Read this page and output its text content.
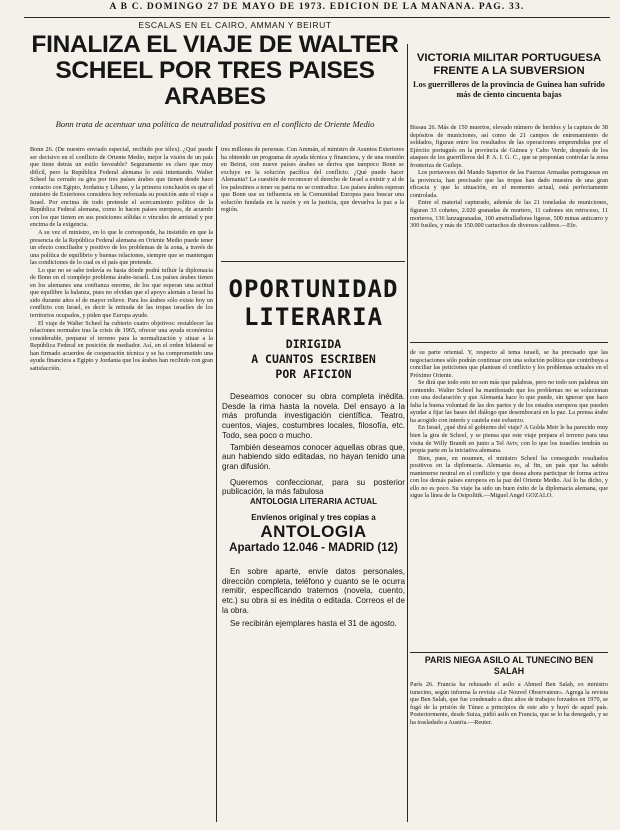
A B C. DOMINGO 27 DE MAYO DE 1973. EDICION DE LA MAÑANA. PAG. 33.
ESCALAS EN EL CAIRO, AMMAN Y BEIRUT
FINALIZA EL VIAJE DE WALTER SCHEEL POR TRES PAISES ARABES

Bonn trata de acentuar una política de neutralidad positiva en el conflicto de Oriente Medio

Bonn 26. (De nuestro enviado especial, recibido por télex). ¿Qué puede ser decisivo en el conflicto de Oriente Medio, mejor la visión de un país que tiene detrás un estilo favorable? Seguramente es claro que muy difícil, pero la República Federal alemana lo está intentando. Walter Scheel ha cerrado su gira por tres países árabes que tienen desde hace contacto con Egipto, Jordania y Líbano, y la primera conclusión es que el ministro de Exteriores considera hoy reforzada su posición ante el viaje a Israel. Por encima de todo pretende el acercamiento político de la República Federal alemana, como lo hacen países europeos, de acuerdo con los que tienen en sus posiciones sólidas o vínculos de amistad y por encima de la exigencia.

A su vez el ministro, en lo que le corresponde, ha insistido en que la presencia de la República Federal alemana en Oriente Medio puede tener un efecto conciliador y positivo de los problemas de la zona, a través de una política de equilibrio y buenas relaciones, siempre que se mantengan las condiciones de lo cual es el país que pretende.

Lo que no se sabe todavía es hasta dónde podrá influir la diplomacia de Bonn en el complejo problema árabe-israelí. Los países árabes tienen en los alemanes una confianza enorme, de los que esperan una actitud que equilibre la balanza, pues no olvidan que el apoyo alemán a Israel ha sido durante años el de mayor relieve. Para los árabes sólo existe hoy un conflicto con Israel, es decir la retirada de las tropas israelíes de los territorios ocupados, y piden que Europa ayude.

El viaje de Walter Scheel ha cubierto cuatro objetivos: restablecer las relaciones normales tras la crisis de 1965, ofrecer una ayuda económica considerable, preparar el terreno para la normalización y situar a la República Federal en posición de mediador. Así, en el orden bilateral se han firmado acuerdos de cooperación técnica y se ha comprometido una ayuda financiera a Egipto y Jordania que los árabes han recibido con gran satisfacción.

tres millones de personas. Con Ammán, el ministro de Asuntos Exteriores ha obtenido un programa de ayuda técnica y financiera, y de una reunión en Beirut, con nueve países árabes se deriva que tampoco Bonn se excluye en la solución pacífica del conflicto. ¿Qué puede hacer Alemania? La cuestión de reconocer el derecho de Israel a existir y al de los palestinos a tener su patria no se contradice. Los países árabes esperan que Bonn use su influencia en la Comunidad Europea para buscar una solución fundada en la razón y en la justicia, que devuelva la paz a la región.

OPORTUNIDAD

LITERARIA

DIRIGIDA

A CUANTOS ESCRIBEN

POR AFICION

Deseamos conocer su obra completa inédita. Desde la rima hasta la novela. Del ensayo a la más profunda investigación científica. Teatro, cuentos, viajes, costumbres locales, filosofía, etc. Todo, sea poco o mucho.

También deseamos conocer aquellas obras que, aun habiendo sido editadas, no hayan tenido una gran difusión.

Queremos confeccionar, para su posterior publicación, la más fabulosa

ANTOLOGIA LITERARIA ACTUAL

Envíenos original y tres copias a

ANTOLOGIA

Apartado 12.046 - MADRID (12)

En sobre aparte, envíe datos personales, dirección completa, teléfono y cuanto se le ocurra remitir, especificando tratemos (novela, cuento, etc.) su obra si es inédita o editada. Correos el de la obra.

Se recibirán ejemplares hasta el 31 de agosto.

VICTORIA MILITAR PORTUGUESA FRENTE A LA SUBVERSION

Los guerrilleros de la provincia de Guinea han sufrido más de ciento cincuenta bajas

Bissau 26. Más de 150 muertos, elevado número de heridos y la captura de 38 depósitos de municiones, así como de 21 campos de entrenamiento de soldados, figuran entre los resultados de las operaciones emprendidas por el Ejército portugués en la provincia de Guinea y Cabo Verde, después de los ataques de los guerrilleros del P. A. I. G. C., que se proponían controlar la zona fronteriza de Guileje.

Los portavoces del Mando Superior de las Fuerzas Armadas portuguesas en la provincia, han precisado que las tropas han dado muestra de una gran eficacia y que la situación, en el momento actual, está perfectamente controlada.

Entre el material capturado, además de las 21 toneladas de municiones, figuran 33 cohetes, 2.020 granadas de mortero, 11 cañones sin retroceso, 11 morteros, 136 lanzagranadas, 100 ametralladoras ligeras, 500 minas anticarro y 300 fusiles, y más de 150.000 cartuchos de diversos calibres.—Efe.

de su parte oriental. Y, respecto al tema israelí, se ha precisado que las negociaciones sólo podrán continuar con una solución política que contribuya a conciliar las peticiones que plantean el conflicto y los problemas actuales en el Próximo Oriente.

Se dirá que todo esto no son más que palabras, pero no todo son palabras sin contenido. Walter Scheel ha manifestado que los problemas no se solucionan con una declaración y que Alemania hace lo que puede, sin ignorar que hace falta la buena voluntad de las dos partes y de los estados europeos que pueden ayudar a fijar las bases del diálogo que desembocará en la paz. La prensa árabe ha acogido con interés y cautela este esfuerzo.

En Israel, ¿qué dirá el gobierno del viaje? A Golda Meir le ha parecido muy bien la gira de Scheel, y se piensa que este viaje prepara el terreno para una visita de Willy Brandt en junio a Tel Aviv, con lo que los israelíes tendrán su propia parte en la iniciativa alemana.

Bien, pues, en resumen, el ministro Scheel ha conseguido resultados positivos en la diplomacia. Alemania es, al fin, un país que ha sabido mantenerse neutral en el conflicto y que desea ahora participar de forma activa con los demás países europeos en la paz del Oriente Medio. Así lo ha dicho, y ello no es poco. Su viaje ha sido un buen éxito de la diplomacia alemana, que sigue la línea de la Ostpolitik.—Miguel Angel GOZALO.

PARIS NIEGA ASILO AL TUNECINO BEN SALAH

París 26. Francia ha rehusado el asilo a Ahmed Ben Salah, ex ministro tunecino, según informa la revista «Le Nouvel Observateur». Agrega la revista que Ben Salah, que fue condenado a diez años de trabajos forzados en 1970, se fugó de la prisión de Túnez a principios de este año y huyó de aquel país. Posteriormente, desde Suiza, pidió asilo en Francia, que se lo ha denegado, y se ha trasladado a Austria.—Reuter.
